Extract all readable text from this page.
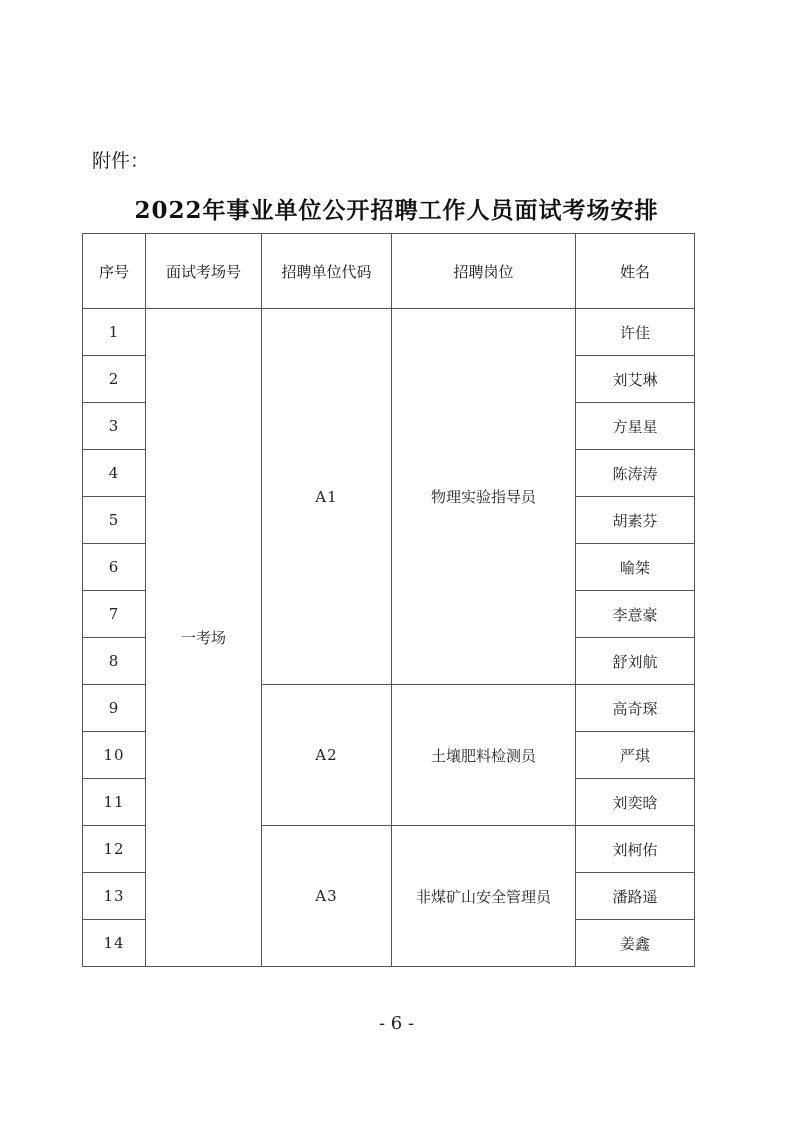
附件：
2022年事业单位公开招聘工作人员面试考场安排
序号	面试考场号	招聘单位代码	招聘岗位	姓名
1	一考场	A1	物理实验指导员	许佳
2				刘艾琳
3				方星星
4				陈涛涛
5				胡素芬
6				喻桀
7				李意豪
8				舒刘航
9		A2	土壤肥料检测员	高奇琛
10				严琪
11				刘奕晗
12		A3	非煤矿山安全管理员	刘柯佑
13				潘路遥
14				姜鑫
- 6 -
